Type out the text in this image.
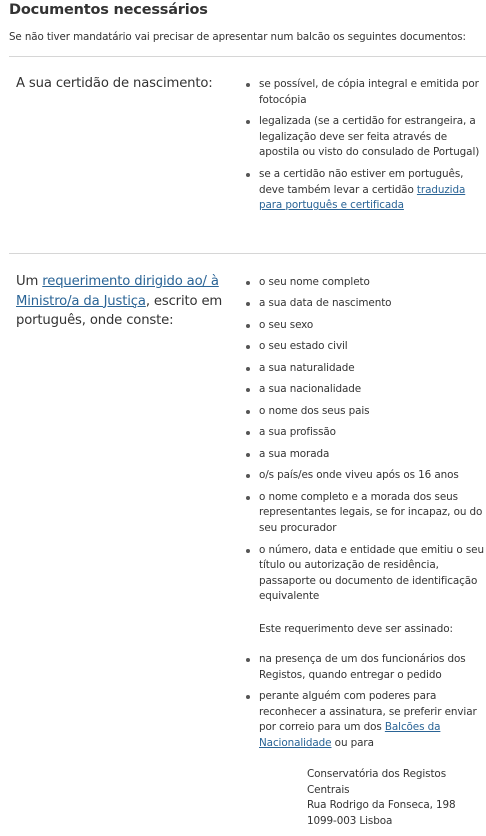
Documentos necessários

Se não tiver mandatário vai precisar de apresentar num balcão os seguintes documentos:

A sua certidão de nascimento:	se possível, de cópia integral e emitida por fotocópia
legalizada (se a certidão for estrangeira, a legalização deve ser feita através de apostila ou visto do consulado de Portugal)
se a certidão não estiver em português, deve também levar a certidão traduzida para português e certificada

Um requerimento dirigido ao/ à Ministro/a da Justiça, escrito em português, onde conste:

o seu nome completo
a sua data de nascimento
o seu sexo
o seu estado civil
a sua naturalidade
a sua nacionalidade
o nome dos seus pais
a sua profissão
a sua morada
o/s país/es onde viveu após os 16 anos
o nome completo e a morada dos seus representantes legais, se for incapaz, ou do seu procurador
o número, data e entidade que emitiu o seu título ou autorização de residência, passaporte ou documento de identificação equivalente

Este requerimento deve ser assinado:

na presença de um dos funcionários dos Registos, quando entregar o pedido
perante alguém com poderes para reconhecer a assinatura, se preferir enviar por correio para um dos Balcões da Nacionalidade ou para
Conservatória dos Registos
Centrais
Rua Rodrigo da Fonseca, 198
1099-003 Lisboa
